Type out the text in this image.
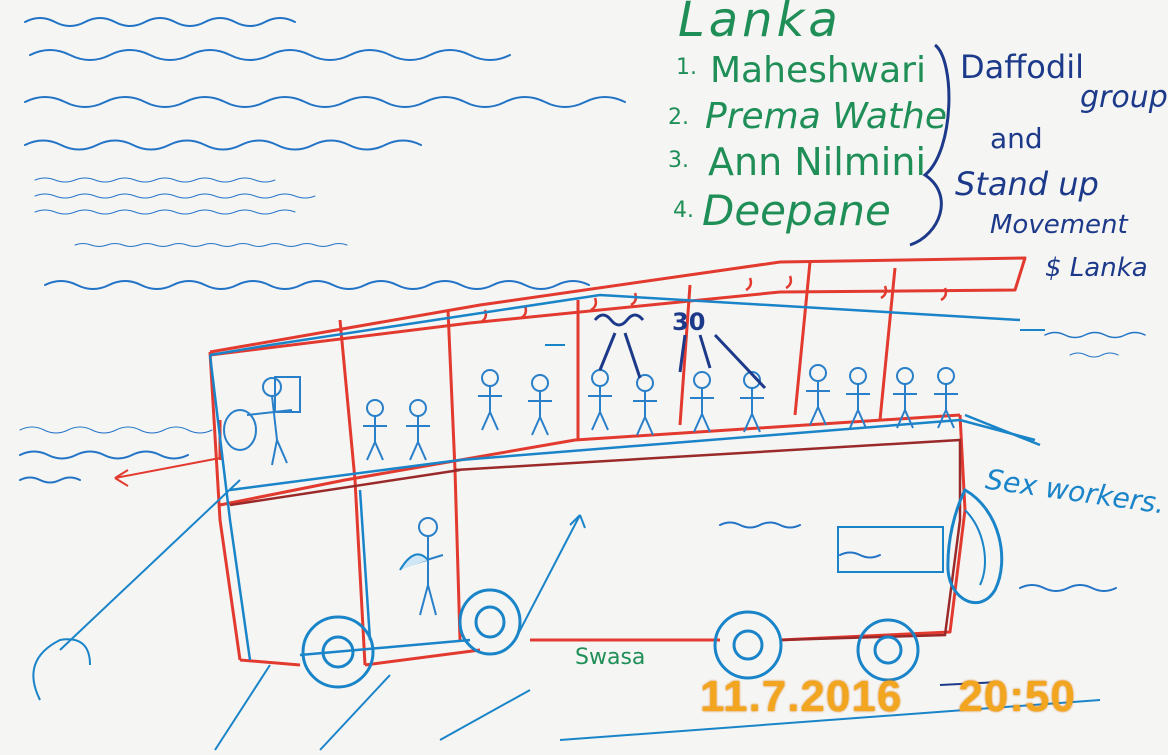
Lanka
1. Maheshwari
2. Prema Wathe
3. Ann Nilmini
4. Deepane
Daffodil
group
and
Stand up
Movement
$ Lanka
30
Sex workers.
Swasa
11.7.2016 20:50
